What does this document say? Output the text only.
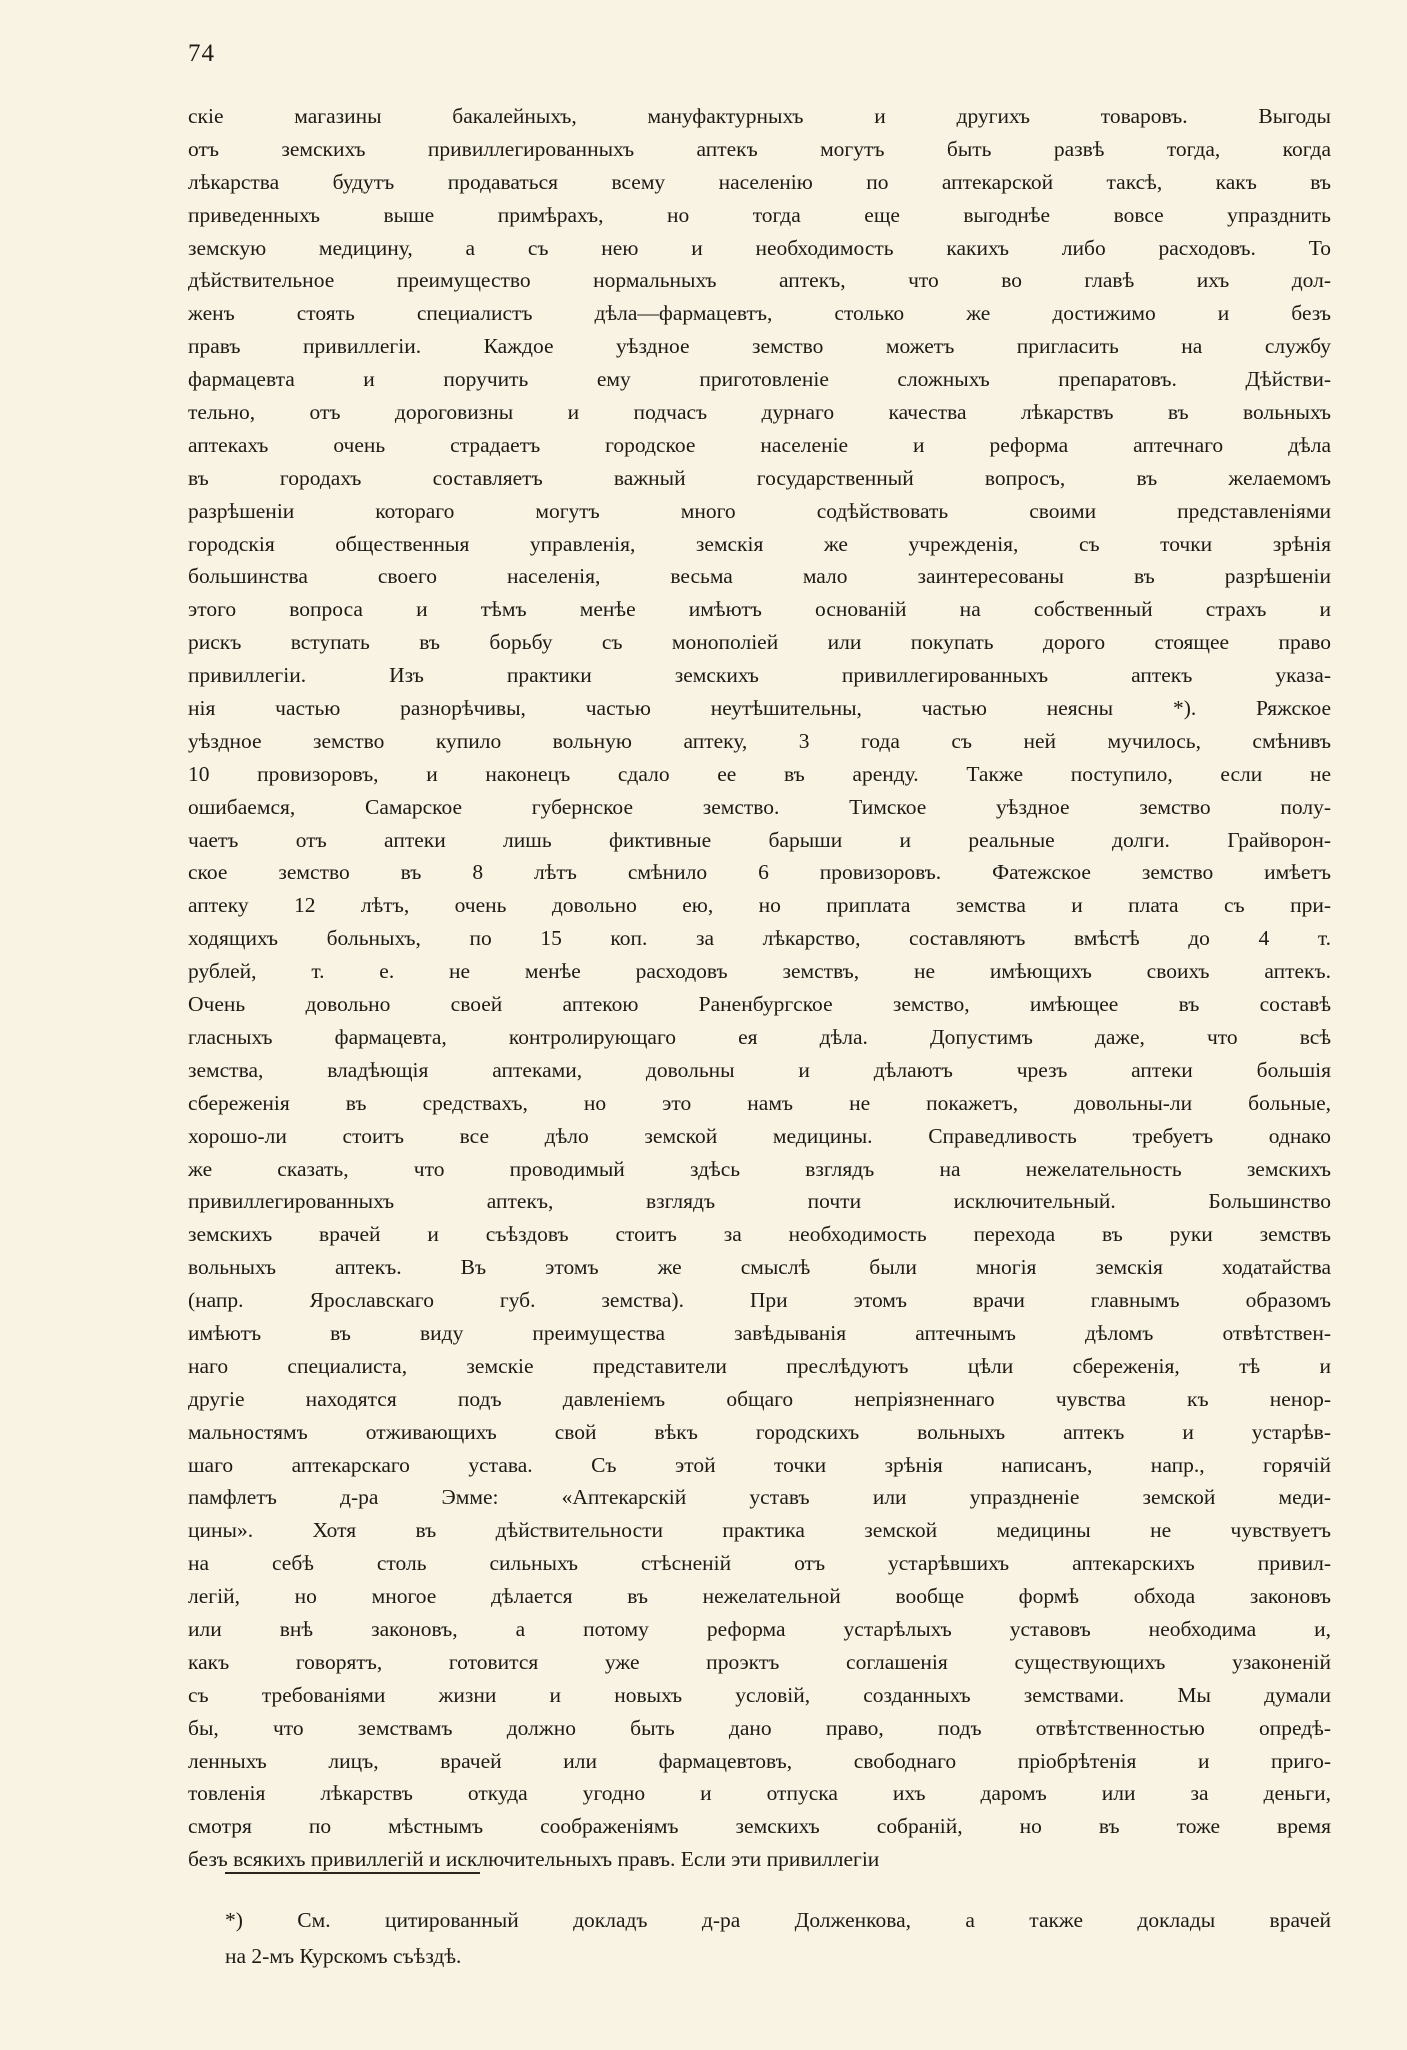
74
скiе магазины бакалейныхъ, мануфактурныхъ и другихъ товаровъ. Выгоды
отъ земскихъ привиллегированныхъ аптекъ могутъ быть развѣ тогда, когда
лѣкарства будутъ продаваться всему населенiю по аптекарской таксѣ, какъ въ
приведенныхъ выше примѣрахъ, но тогда еще выгоднѣе вовсе упразднить
земскую медицину, а съ нею и необходимость какихъ либо расходовъ. То
дѣйствительное преимущество нормальныхъ аптекъ, что во главѣ ихъ дол-
женъ стоять специалистъ дѣла—фармацевтъ, столько же достижимо и безъ
правъ привиллегiи. Каждое уѣздное земство можетъ пригласить на службу
фармацевта и поручить ему приготовленiе сложныхъ препаратовъ. Дѣйстви-
тельно, отъ дороговизны и подчасъ дурнаго качества лѣкарствъ въ вольныхъ
аптекахъ очень страдаетъ городское населенiе и реформа аптечнаго дѣла
въ городахъ составляетъ важный государственный вопросъ, въ желаемомъ
разрѣшенiи котораго могутъ много содѣйствовать своими представленiями
городскiя общественныя управленiя, земскiя же учрежденiя, съ точки зрѣнiя
большинства своего населенiя, весьма мало заинтересованы въ разрѣшенiи
этого вопроса и тѣмъ менѣе имѣютъ основанiй на собственный страхъ и
рискъ вступать въ борьбу съ монополiей или покупать дорого стоящее право
привиллегiи. Изъ практики земскихъ привиллегированныхъ аптекъ указа-
нiя частью разнорѣчивы, частью неутѣшительны, частью неясны *). Ряжское
уѣздное земство купило вольную аптеку, 3 года съ ней мучилось, смѣнивъ
10 провизоровъ, и наконецъ сдало ее въ аренду. Также поступило, если не
ошибаемся, Самарское губернское земство. Тимское уѣздное земство полу-
чаетъ отъ аптеки лишь фиктивные барыши и реальные долги. Грайворон-
ское земство въ 8 лѣтъ смѣнило 6 провизоровъ. Фатежское земство имѣетъ
аптеку 12 лѣтъ, очень довольно ею, но приплата земства и плата съ при-
ходящихъ больныхъ, по 15 коп. за лѣкарство, составляютъ вмѣстѣ до 4 т.
рублей, т. е. не менѣе расходовъ земствъ, не имѣющихъ своихъ аптекъ.
Очень довольно своей аптекою Раненбургское земство, имѣющее въ составѣ
гласныхъ фармацевта, контролирующаго ея дѣла. Допустимъ даже, что всѣ
земства, владѣющiя аптеками, довольны и дѣлаютъ чрезъ аптеки большiя
сбереженiя въ средствахъ, но это намъ не покажетъ, довольны-ли больные,
хорошо-ли стоитъ все дѣло земской медицины. Справедливость требуетъ однако
же сказать, что проводимый здѣсь взглядъ на нежелательность земскихъ
привиллегированныхъ аптекъ, взглядъ почти исключительный. Большинство
земскихъ врачей и съѣздовъ стоитъ за необходимость перехода въ руки земствъ
вольныхъ аптекъ. Въ этомъ же смыслѣ были многiя земскiя ходатайства
(напр. Ярославскаго губ. земства). При этомъ врачи главнымъ образомъ
имѣютъ въ виду преимущества завѣдыванiя аптечнымъ дѣломъ отвѣтствен-
наго специалиста, земскiе представители преслѣдуютъ цѣли сбереженiя, тѣ и
другiе находятся подъ давленiемъ общаго непрiязненнаго чувства къ ненор-
мальностямъ отживающихъ свой вѣкъ городскихъ вольныхъ аптекъ и устарѣв-
шаго аптекарскаго устава. Съ этой точки зрѣнiя написанъ, напр., горячiй
памфлетъ д-ра Эмме: «Аптекарскiй уставъ или упраздненiе земской меди-
цины». Хотя въ дѣйствительности практика земской медицины не чувствуетъ
на себѣ столь сильныхъ стѣсненiй отъ устарѣвшихъ аптекарскихъ привил-
легiй, но многое дѣлается въ нежелательной вообще формѣ обхода законовъ
или внѣ законовъ, а потому реформа устарѣлыхъ уставовъ необходима и,
какъ говорятъ, готовится уже проэктъ соглашенiя существующихъ узаконенiй
съ требованiями жизни и новыхъ условiй, созданныхъ земствами. Мы думали
бы, что земствамъ должно быть дано право, подъ отвѣтственностью опредѣ-
ленныхъ лицъ, врачей или фармацевтовъ, свободнаго прiобрѣтенiя и приго-
товленiя лѣкарствъ откуда угодно и отпуска ихъ даромъ или за деньги,
смотря по мѣстнымъ соображенiямъ земскихъ собранiй, но въ тоже время
безъ всякихъ привиллегiй и исключительныхъ правъ. Если эти привиллегiи
*) См. цитированный докладъ д-ра Долженкова, а также доклады врачей
на 2-мъ Курскомъ съѣздѣ.
